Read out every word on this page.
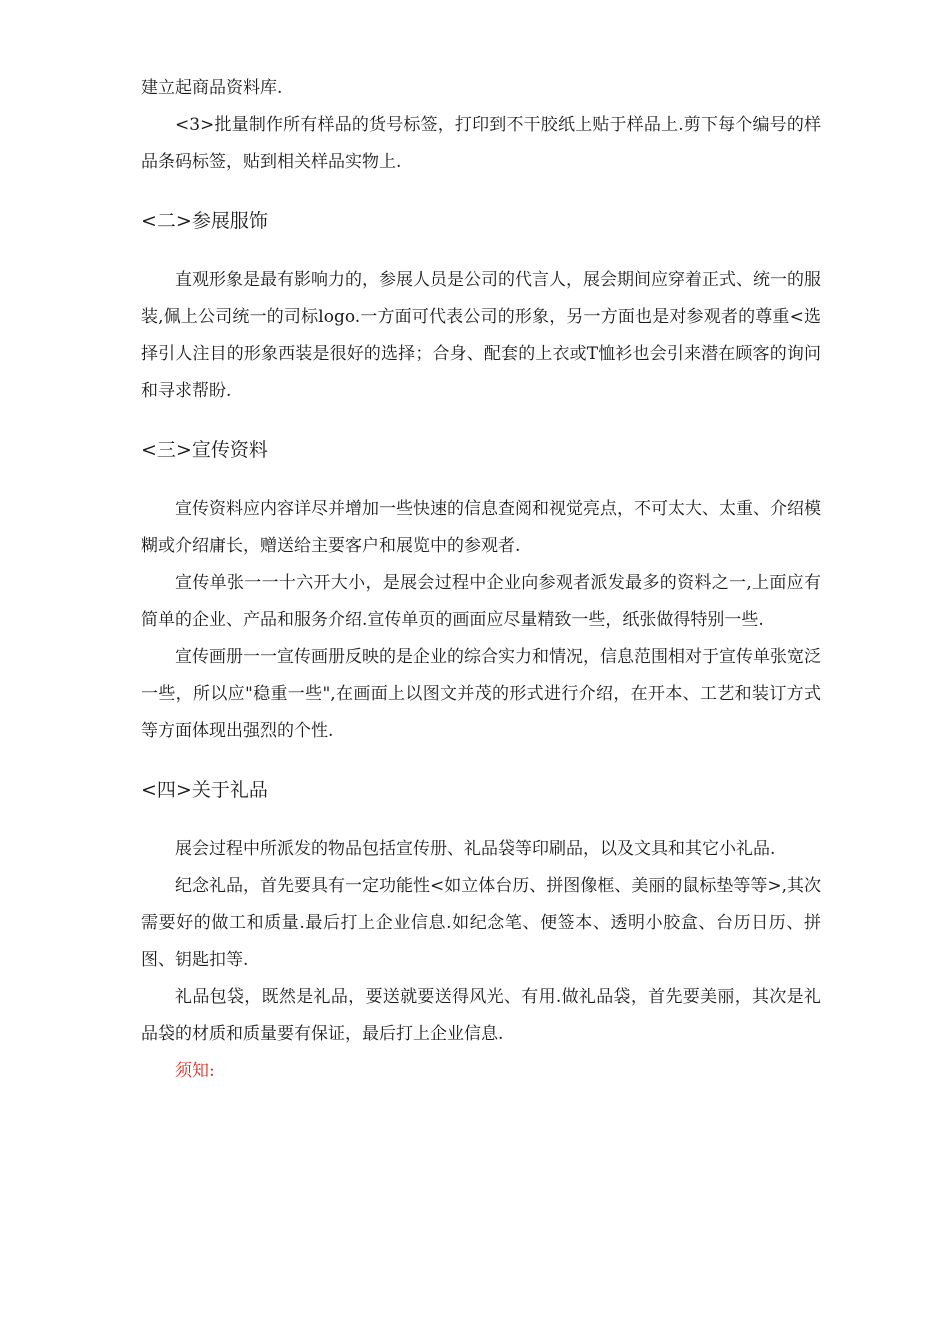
建立起商品资料库.

<3>批量制作所有样品的货号标签，打印到不干胶纸上贴于样品上.剪下每个编号的样品条码标签，贴到相关样品实物上.

<二>参展服饰

直观形象是最有影响力的，参展人员是公司的代言人，展会期间应穿着正式、统一的服装,佩上公司统一的司标logo.一方面可代表公司的形象，另一方面也是对参观者的尊重<选择引人注目的形象西装是很好的选择；合身、配套的上衣或T恤衫也会引来潜在顾客的询问和寻求帮盼.

<三>宣传资料

宣传资料应内容详尽并增加一些快速的信息查阅和视觉亮点，不可太大、太重、介绍模糊或介绍庸长，赠送给主要客户和展览中的参观者.

宣传单张一一十六开大小，是展会过程中企业向参观者派发最多的资料之一,上面应有简单的企业、产品和服务介绍.宣传单页的画面应尽量精致一些，纸张做得特别一些.

宣传画册一一宣传画册反映的是企业的综合实力和情况，信息范围相对于宣传单张宽泛一些，所以应"稳重一些",在画面上以图文并茂的形式进行介绍，在开本、工艺和装订方式等方面体现出强烈的个性.

<四>关于礼品

展会过程中所派发的物品包括宣传册、礼品袋等印刷品，以及文具和其它小礼品.

纪念礼品，首先要具有一定功能性<如立体台历、拼图像框、美丽的鼠标垫等等>,其次需要好的做工和质量.最后打上企业信息.如纪念笔、便签本、透明小胶盒、台历日历、拼图、钥匙扣等.

礼品包袋，既然是礼品，要送就要送得风光、有用.做礼品袋，首先要美丽，其次是礼品袋的材质和质量要有保证，最后打上企业信息.

须知:
